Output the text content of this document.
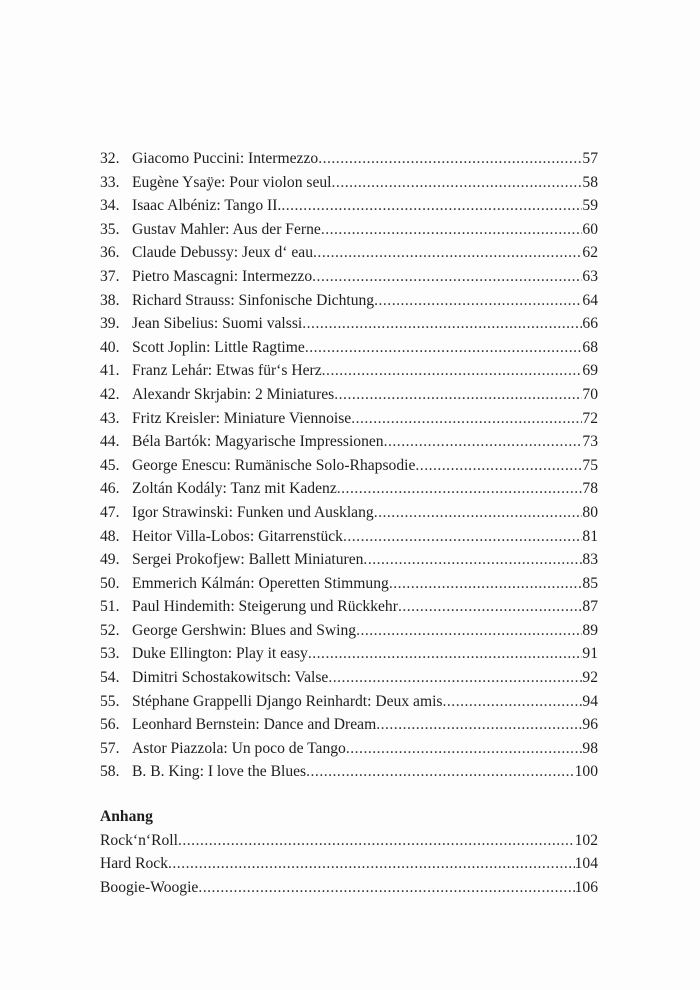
32. Giacomo Puccini: Intermezzo .....	57
33. Eugène Ysaÿe: Pour violon seul .....	58
34. Isaac Albéniz: Tango II. .....	59
35. Gustav Mahler: Aus der Ferne .....	60
36. Claude Debussy: Jeux d‘ eau .....	62
37. Pietro Mascagni: Intermezzo .....	63
38. Richard Strauss: Sinfonische Dichtung .....	64
39. Jean Sibelius: Suomi valssi .....	66
40. Scott Joplin: Little Ragtime .....	68
41. Franz Lehár: Etwas für‘s Herz .....	69
42. Alexandr Skrjabin: 2 Miniatures .....	70
43. Fritz Kreisler: Miniature Viennoise .....	72
44. Béla Bartók: Magyarische Impressionen .....	73
45. George Enescu: Rumänische Solo-Rhapsodie .....	75
46. Zoltán Kodály: Tanz mit Kadenz .....	78
47. Igor Strawinski: Funken und Ausklang .....	80
48. Heitor Villa-Lobos: Gitarrenstück .....	81
49. Sergei Prokofjew: Ballett Miniaturen .....	83
50. Emmerich Kálmán: Operetten Stimmung .....	85
51. Paul Hindemith: Steigerung und Rückkehr .....	87
52. George Gershwin: Blues and Swing .....	89
53. Duke Ellington: Play it easy .....	91
54. Dimitri Schostakowitsch: Valse .....	92
55. Stéphane Grappelli Django Reinhardt: Deux amis .....	94
56. Leonhard Bernstein: Dance and Dream .....	96
57. Astor Piazzola: Un poco de Tango .....	98
58. B. B. King: I love the Blues .....	100
Anhang
Rock‘n‘Roll .....	102
Hard Rock .....	104
Boogie-Woogie .....	106
